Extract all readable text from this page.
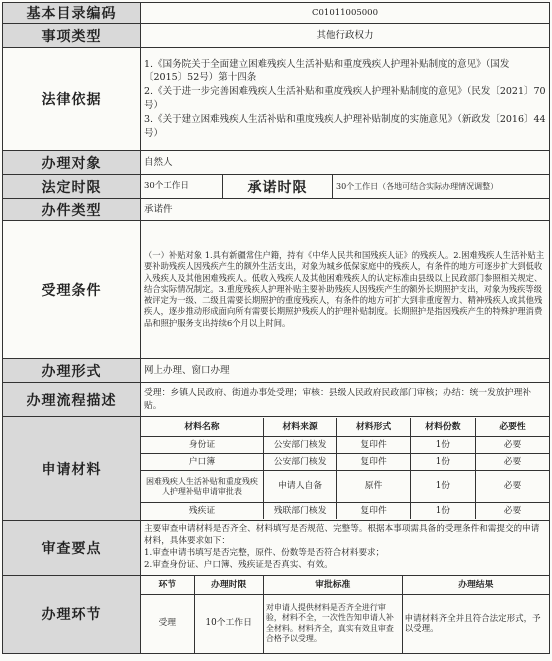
基本目录编码	C01011005000
事项类型	其他行政权力
法律依据	

1.《国务院关于全面建立困难残疾人生活补贴和重度残疾人护理补贴制度的意见》（国发〔2015〕52号）第十四条

2.《关于进一步完善困难残疾人生活补贴和重度残疾人护理补贴制度的意见》（民发〔2021〕70号）

3.《关于建立困难残疾人生活补贴和重度残疾人护理补贴制度的实施意见》（新政发〔2016〕44号）

办理对象	自然人
法定时限	30个工作日	承诺时限	30个工作日（各地可结合实际办理情况调整）
办件类型	承诺件
受理条件	（一）补贴对象 1.具有新疆常住户籍，持有《中华人民共和国残疾人证》的残疾人。2.困难残疾人生活补贴主要补助残疾人因残疾产生的额外生活支出，对象为城乡低保家庭中的残疾人，有条件的地方可逐步扩大到低收入残疾人及其他困难残疾人。低收入残疾人及其他困难残疾人的认定标准由县级以上民政部门参照相关规定、结合实际情况制定。3.重度残疾人护理补贴主要补助残疾人因残疾产生的额外长期照护支出，对象为残疾等级被评定为一级、二级且需要长期照护的重度残疾人，有条件的地方可扩大到非重度智力、精神残疾人或其他残疾人，逐步推动形成面向所有需要长期照护残疾人的护理补贴制度。长期照护是指因残疾产生的特殊护理消费品和照护服务支出持续6个月以上时间。
办理形式	网上办理、窗口办理
办理流程描述	受理：乡镇人民政府、街道办事处受理；审核：县级人民政府民政部门审核；办结：统一发放护理补贴。
申请材料	
材料名称	材料来源	材料形式	材料份数	必要性
身份证	公安部门核发	复印件	1份	必要
户口簿	公安部门核发	复印件	1份	必要
困难残疾人生活补贴和重度残疾人护理补贴申请审批表	申请人自备	原件	1份	必要
残疾证	残联部门核发	复印件	1份	必要

审查要点	

主要审查申请材料是否齐全、材料填写是否规范、完整等。根据本事项需具备的受理条件和需提交的申请材料，具体要求如下：

1.审查申请书填写是否完整，原件、份数等是否符合材料要求；

2.审查身份证、户口簿、残疾证是否真实、有效。

办理环节	
环节	办理时限	审批标准	办理结果
受理	10个工作日	对申请人提供材料是否齐全进行审验，材料不全，一次性告知申请人补全材料。材料齐全，真实有效且审查合格予以受理。	申请材料齐全并且符合法定形式，予以受理。
